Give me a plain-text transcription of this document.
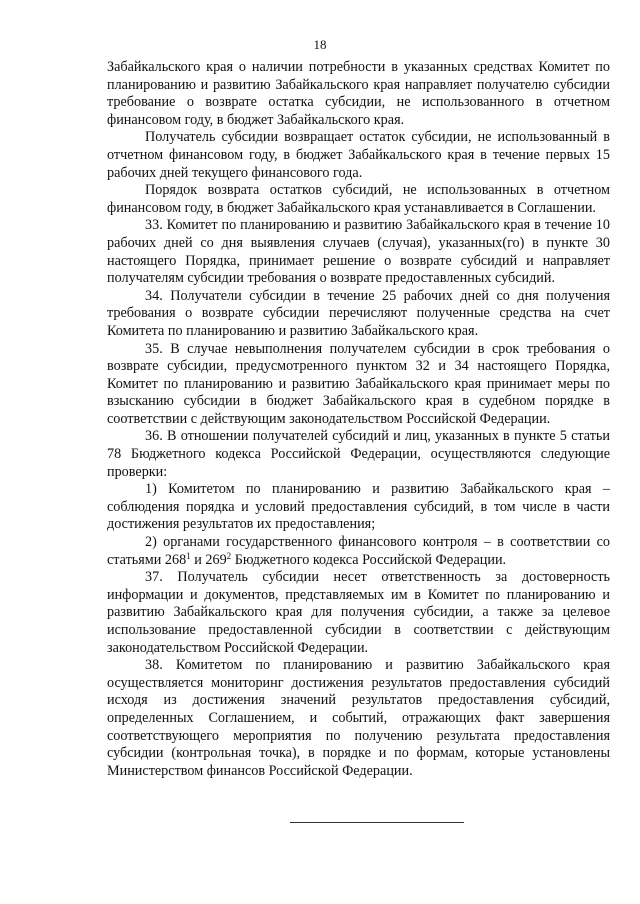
18

Забайкальского края о наличии потребности в указанных средствах Комитет по планированию и развитию Забайкальского края направляет получателю субсидии требование о возврате остатка субсидии, не использованного в отчетном финансовом году, в бюджет Забайкальского края.

Получатель субсидии возвращает остаток субсидии, не использованный в отчетном финансовом году, в бюджет Забайкальского края в течение первых 15 рабочих дней текущего финансового года.

Порядок возврата остатков субсидий, не использованных в отчетном финансовом году, в бюджет Забайкальского края устанавливается в Соглашении.

33. Комитет по планированию и развитию Забайкальского края в течение 10 рабочих дней со дня выявления случаев (случая), указанных(го) в пункте 30 настоящего Порядка, принимает решение о возврате субсидий и направляет получателям субсидии требования о возврате предоставленных субсидий.

34. Получатели субсидии в течение 25 рабочих дней со дня получения требования о возврате субсидии перечисляют полученные средства на счет Комитета по планированию и развитию Забайкальского края.

35. В случае невыполнения получателем субсидии в срок требования о возврате субсидии, предусмотренного пунктом 32 и 34 настоящего Порядка, Комитет по планированию и развитию Забайкальского края принимает меры по взысканию субсидии в бюджет Забайкальского края в судебном порядке в соответствии с действующим законодательством Российской Федерации.

36. В отношении получателей субсидий и лиц, указанных в пункте 5 статьи 78 Бюджетного кодекса Российской Федерации, осуществляются следующие проверки:

1) Комитетом по планированию и развитию Забайкальского края – соблюдения порядка и условий предоставления субсидий, в том числе в части достижения результатов их предоставления;

2) органами государственного финансового контроля – в соответствии со статьями $268^1$ и $269^2$ Бюджетного кодекса Российской Федерации.

37. Получатель субсидии несет ответственность за достоверность информации и документов, представляемых им в Комитет по планированию и развитию Забайкальского края для получения субсидии, а также за целевое использование предоставленной субсидии в соответствии с действующим законодательством Российской Федерации.

38. Комитетом по планированию и развитию Забайкальского края осуществляется мониторинг достижения результатов предоставления субсидий исходя из достижения значений результатов предоставления субсидий, определенных Соглашением, и событий, отражающих факт завершения соответствующего мероприятия по получению результата предоставления субсидии (контрольная точка), в порядке и по формам, которые установлены Министерством финансов Российской Федерации.
